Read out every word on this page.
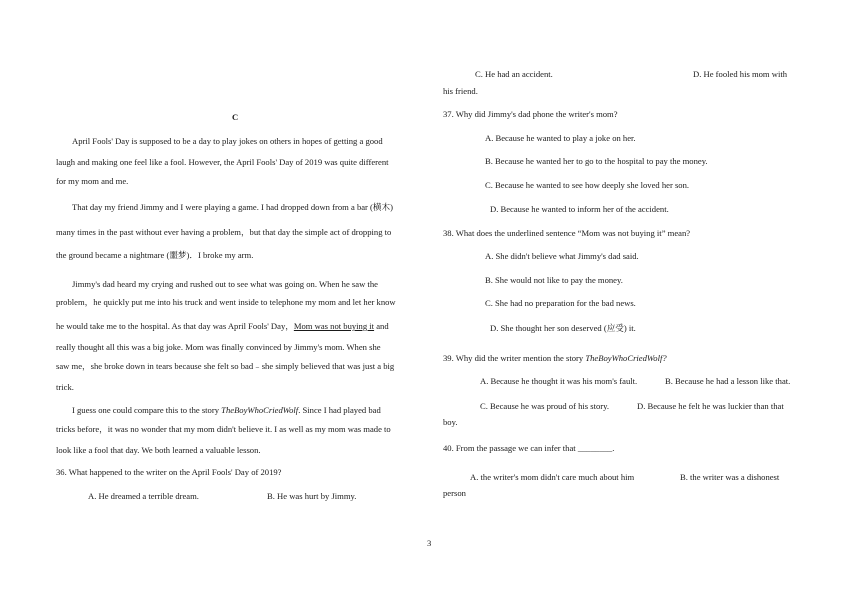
C
April Fools' Day is supposed to be a day to play jokes on others in hopes of getting a good
laugh and making one feel like a fool. However, the April Fools' Day of 2019 was quite different
for my mom and me.
That day my friend Jimmy and I were playing a game. I had dropped down from a bar (横木)
many times in the past without ever having a problem，but that day the simple act of dropping to
the ground became a nightmare (噩梦)．I broke my arm.
Jimmy's dad heard my crying and rushed out to see what was going on. When he saw the
problem，he quickly put me into his truck and went inside to telephone my mom and let her know
he would take me to the hospital. As that day was April Fools' Day，Mom was not buying it and
really thought all this was a big joke. Mom was finally convinced by Jimmy's mom. When she
saw me，she broke down in tears because she felt so bad﹣she simply believed that was just a big
trick.
I guess one could compare this to the story TheBoyWhoCriedWolf. Since I had played bad
tricks before，it was no wonder that my mom didn't believe it. I as well as my mom was made to
look like a fool that day. We both learned a valuable lesson.
36. What happened to the writer on the April Fools' Day of 2019?
A. He dreamed a terrible dream.	B. He was hurt by Jimmy.
C. He had an accident.	D. He fooled his mom with
his friend.
37. Why did Jimmy's dad phone the writer's mom?
A. Because he wanted to play a joke on her.
B. Because he wanted her to go to the hospital to pay the money.
C. Because he wanted to see how deeply she loved her son.
D. Because he wanted to inform her of the accident.
38. What does the underlined sentence “Mom was not buying it” mean?
A. She didn't believe what Jimmy's dad said.
B. She would not like to pay the money.
C. She had no preparation for the bad news.
D. She thought her son deserved (应受) it.
39. Why did the writer mention the story TheBoyWhoCriedWolf?
A. Because he thought it was his mom's fault.	B. Because he had a lesson like that.
C. Because he was proud of his story.	D. Because he felt he was luckier than that
boy.
40. From the passage we can infer that ________.
A. the writer's mom didn't care much about him	B. the writer was a dishonest
person
3
